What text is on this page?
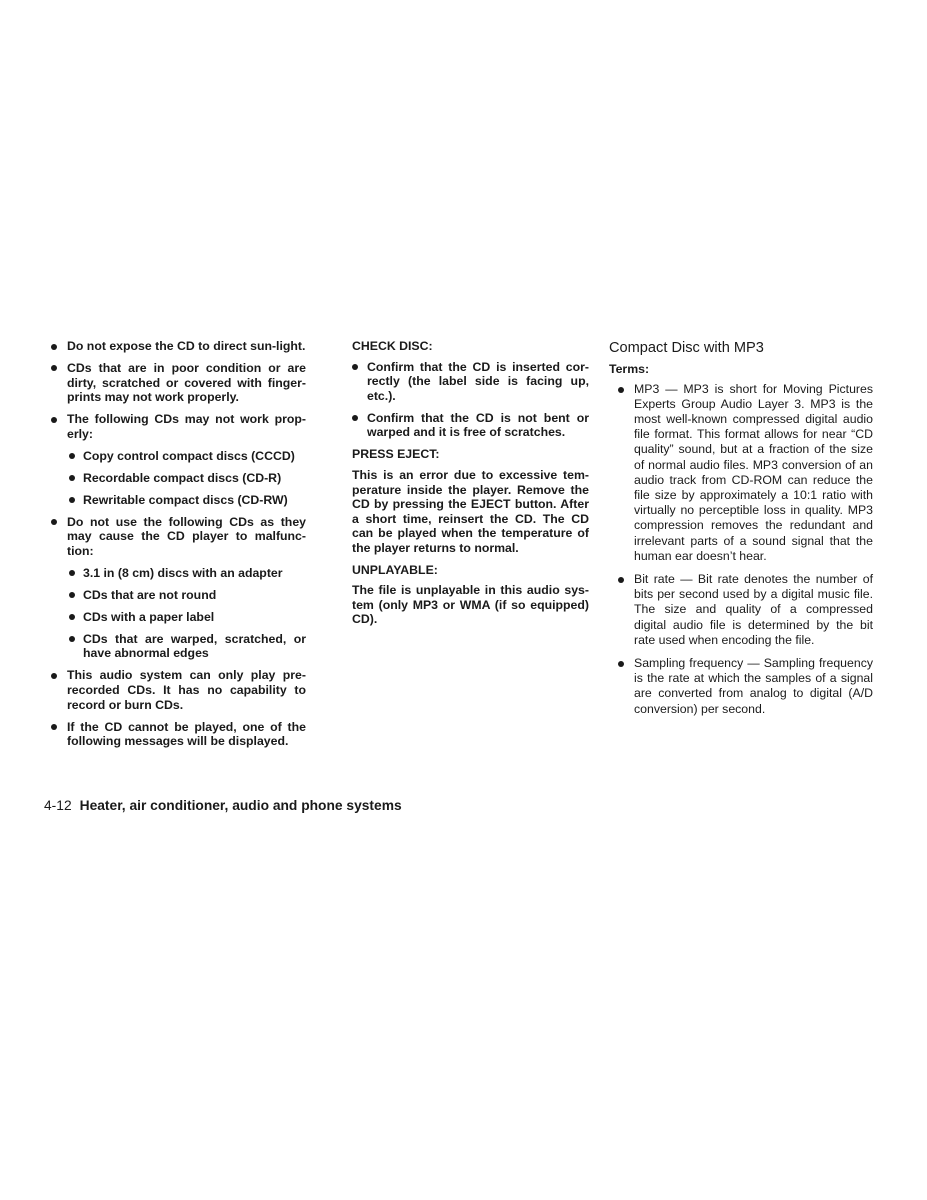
Do not expose the CD to direct sun-light.
CDs that are in poor condition or are dirty, scratched or covered with finger-prints may not work properly.
The following CDs may not work prop-erly:
Copy control compact discs (CCCD)
Recordable compact discs (CD-R)
Rewritable compact discs (CD-RW)
Do not use the following CDs as they may cause the CD player to malfunc-tion:
3.1 in (8 cm) discs with an adapter
CDs that are not round
CDs with a paper label
CDs that are warped, scratched, or have abnormal edges
This audio system can only play pre-recorded CDs. It has no capability to record or burn CDs.
If the CD cannot be played, one of the following messages will be displayed.
CHECK DISC:
Confirm that the CD is inserted cor-rectly (the label side is facing up, etc.).
Confirm that the CD is not bent or warped and it is free of scratches.
PRESS EJECT:
This is an error due to excessive tem-perature inside the player. Remove the CD by pressing the EJECT button. After a short time, reinsert the CD. The CD can be played when the temperature of the player returns to normal.
UNPLAYABLE:
The file is unplayable in this audio sys-tem (only MP3 or WMA (if so equipped) CD).
Compact Disc with MP3
Terms:
MP3 — MP3 is short for Moving Pictures Experts Group Audio Layer 3. MP3 is the most well-known compressed digital audio file format. This format allows for near “CD quality” sound, but at a fraction of the size of normal audio files. MP3 conversion of an audio track from CD-ROM can reduce the file size by approximately a 10:1 ratio with virtually no perceptible loss in quality. MP3 compression removes the redundant and irrelevant parts of a sound signal that the human ear doesn’t hear.
Bit rate — Bit rate denotes the number of bits per second used by a digital music file. The size and quality of a compressed digital audio file is determined by the bit rate used when encoding the file.
Sampling frequency — Sampling frequency is the rate at which the samples of a signal are converted from analog to digital (A/D conversion) per second.
4-12 Heater, air conditioner, audio and phone systems
